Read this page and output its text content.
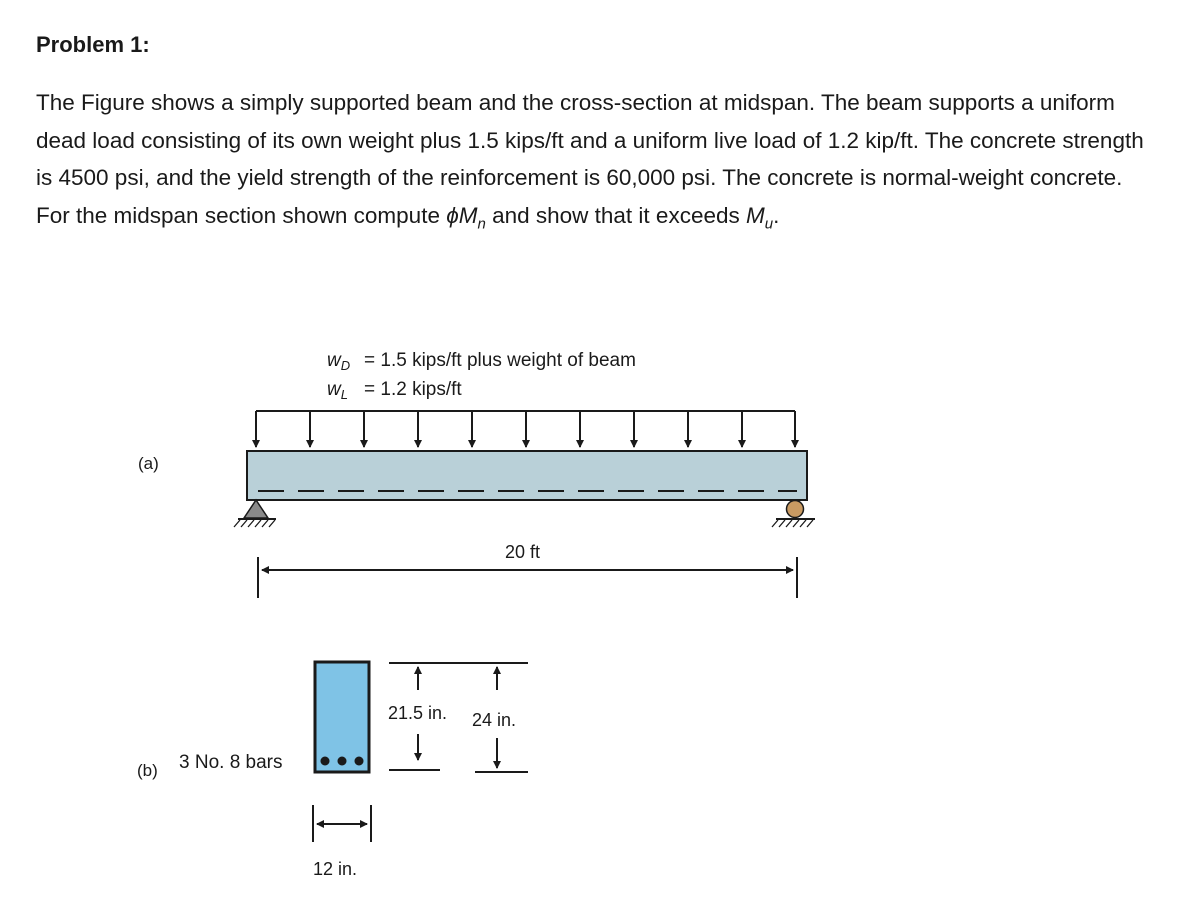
Problem 1:
The Figure shows a simply supported beam and the cross-section at midspan. The beam supports a uniform dead load consisting of its own weight plus 1.5 kips/ft and a uniform live load of 1.2 kip/ft. The concrete strength is 4500 psi, and the yield strength of the reinforcement is 60,000 psi. The concrete is normal-weight concrete. For the midspan section shown compute $\phi M_n$ and show that it exceeds $M_u$.
(a)
$w_D = 1.5$ kips/ft plus weight of beam
$w_L = 1.2$ kips/ft
20 ft
(b) 3 No. 8 bars
12 in.
21.5 in. 24 in.
